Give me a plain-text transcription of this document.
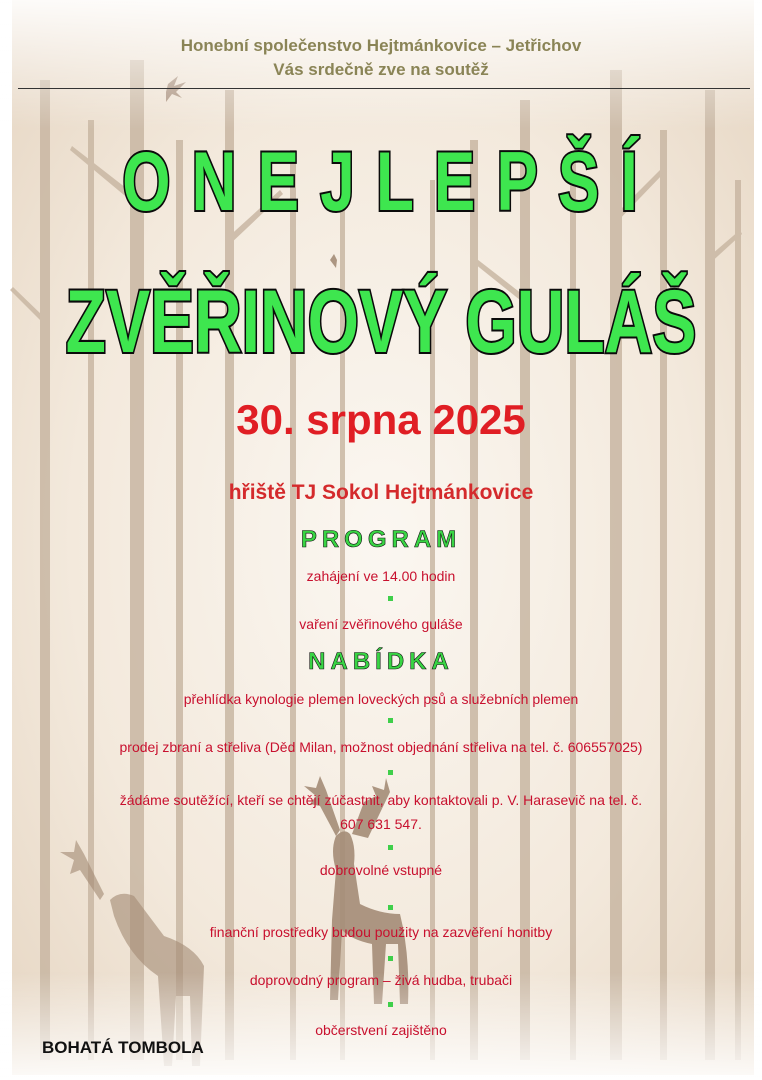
Honební společenstvo Hejtmánkovice – Jetřichov
Vás srdečně zve na soutěž
O N E J L E P Š Í
ZVĚŘINOVÝ GULÁŠ
30. srpna 2025
hřiště TJ Sokol Hejtmánkovice
PROGRAM
zahájení ve 14.00 hodin
vaření zvěřinového guláše
NABÍDKA
přehlídka kynologie plemen loveckých psů a služebních plemen
prodej zbraní a střeliva (Děd Milan, možnost objednání střeliva na tel. č. 606557025)
žádáme soutěžící, kteří se chtějí zúčastnit, aby kontaktovali p. V. Harasevič na tel. č. 607 631 547.
dobrovolné vstupné
finanční prostředky budou použity na zazvěření honitby
doprovodný program – živá hudba, trubači
občerstvení zajištěno
BOHATÁ TOMBOLA
